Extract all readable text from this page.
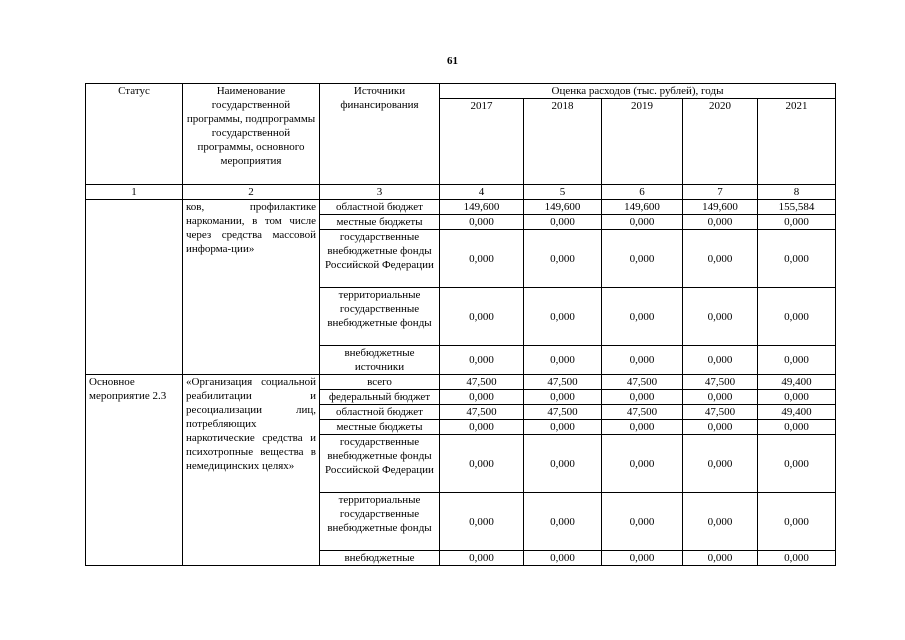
61
Статус	Наименование государственной программы, подпрограммы государственной программы, основного мероприятия	Источники финансирования	Оценка расходов (тыс. рублей), годы				
			2017	2018	2019	2020	2021
1	2	3	4	5	6	7	8
	ков, профилактике наркомании, в том числе через средства массовой информа-ции»	областной бюджет	149,600	149,600	149,600	149,600	155,584
		местные бюджеты	0,000	0,000	0,000	0,000	0,000
		государственные внебюджетные фонды Российской Федерации	0,000	0,000	0,000	0,000	0,000
		территориальные государственные внебюджетные фонды	0,000	0,000	0,000	0,000	0,000
		внебюджетные источники	0,000	0,000	0,000	0,000	0,000
Основное мероприятие 2.3	«Организация социальной реабилитации и ресоциализации лиц, потребляющих наркотические средства и психотропные вещества в немедицинских целях»	всего	47,500	47,500	47,500	47,500	49,400
		федеральный бюджет	0,000	0,000	0,000	0,000	0,000
		областной бюджет	47,500	47,500	47,500	47,500	49,400
		местные бюджеты	0,000	0,000	0,000	0,000	0,000
		государственные внебюджетные фонды Российской Федерации	0,000	0,000	0,000	0,000	0,000
		территориальные государственные внебюджетные фонды	0,000	0,000	0,000	0,000	0,000
		внебюджетные	0,000	0,000	0,000	0,000	0,000
